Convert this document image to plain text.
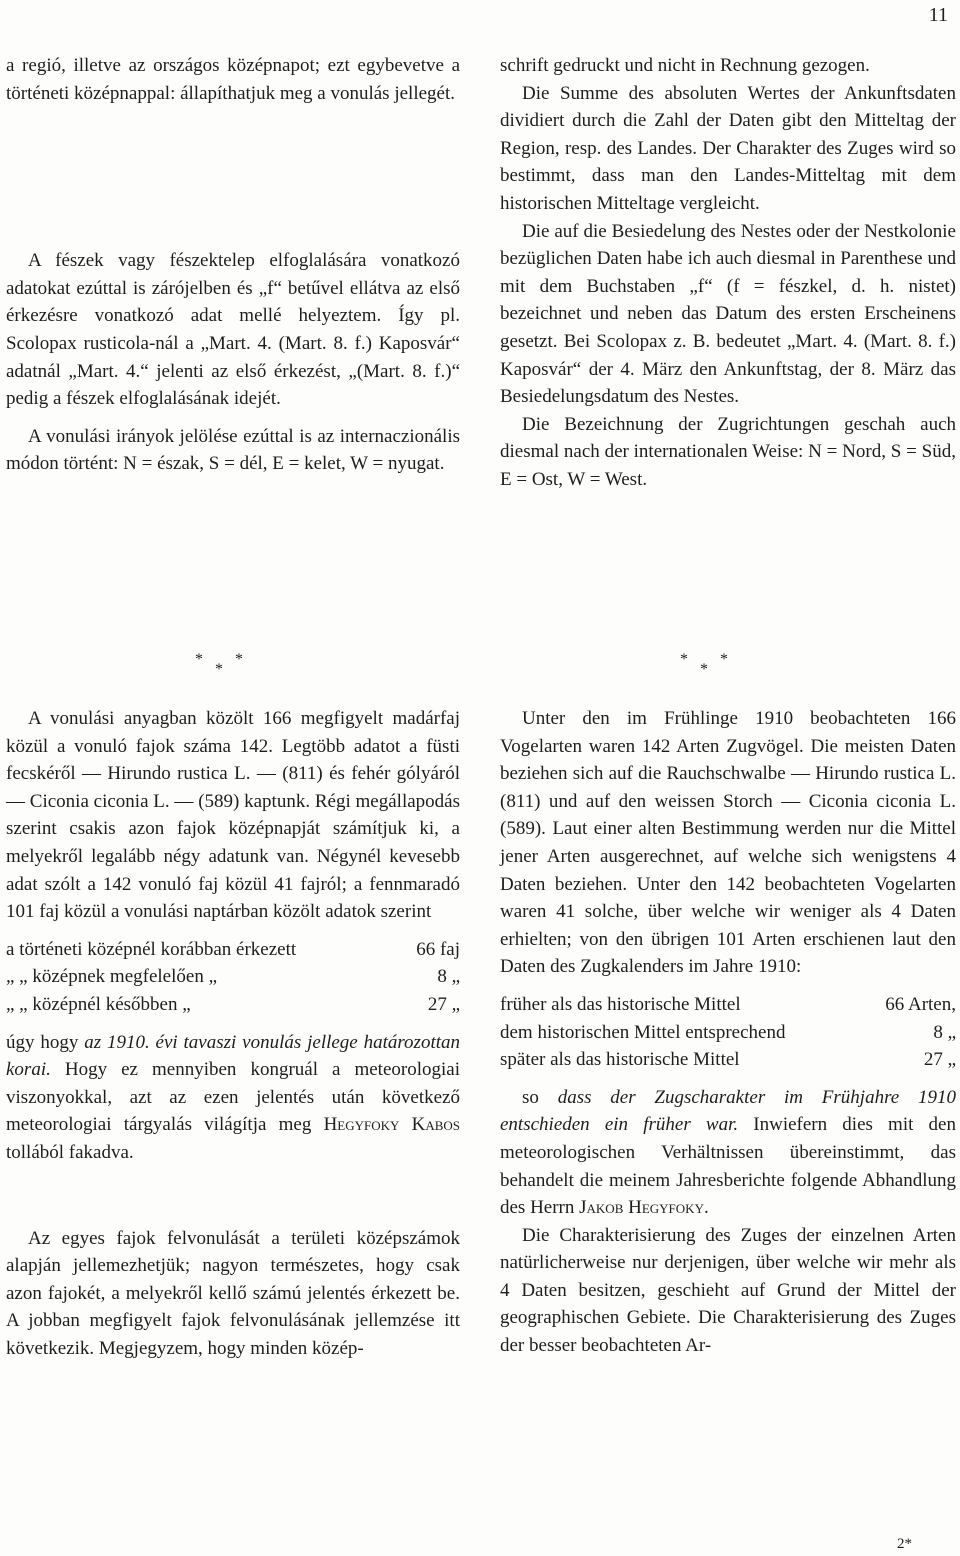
11

a regió, illetve az országos középnapot; ezt egybevetve a történeti középnappal: állapíthatjuk meg a vonulás jellegét.

A fészek vagy fészektelep elfoglalására vonatkozó adatokat ezúttal is zárójelben és „f“ betűvel ellátva az első érkezésre vonatkozó adat mellé helyeztem. Így pl. Scolopax rusticola-nál a „Mart. 4. (Mart. 8. f.) Kaposvár“ adatnál „Mart. 4.“ jelenti az első érkezést, „(Mart. 8. f.)“ pedig a fészek elfoglalásának idejét.

A vonulási irányok jelölése ezúttal is az internaczionális módon történt: N = észak, S = dél, E = kelet, W = nyugat.

schrift gedruckt und nicht in Rechnung gezogen.

Die Summe des absoluten Wertes der Ankunftsdaten dividiert durch die Zahl der Daten gibt den Mitteltag der Region, resp. des Landes. Der Charakter des Zuges wird so bestimmt, dass man den Landes-Mitteltag mit dem historischen Mitteltage vergleicht.

Die auf die Besiedelung des Nestes oder der Nestkolonie bezüglichen Daten habe ich auch diesmal in Parenthese und mit dem Buchstaben „f“ (f = fészkel, d. h. nistet) bezeichnet und neben das Datum des ersten Erscheinens gesetzt. Bei Scolopax z. B. bedeutet „Mart. 4. (Mart. 8. f.) Kaposvár“ der 4. März den Ankunftstag, der 8. März das Besiedelungsdatum des Nestes.

Die Bezeichnung der Zugrichtungen geschah auch diesmal nach der internationalen Weise: N = Nord, S = Süd, E = Ost, W = West.

*   *   *	*   *   *

A vonulási anyagban közölt 166 megfigyelt madárfaj közül a vonuló fajok száma 142. Legtöbb adatot a füsti fecskéről — Hirundo rustica L. — (811) és fehér gólyáról — Ciconia ciconia L. — (589) kaptunk. Régi megállapodás szerint csakis azon fajok középnapját számítjuk ki, a melyekről legalább négy adatunk van. Négynél kevesebb adat szólt a 142 vonuló faj közül 41 fajról; a fennmaradó 101 faj közül a vonulási naptárban közölt adatok szerint

a történeti középnél korábban érkezett	66 faj
„ „ középnek megfelelően „	8 „
„ „ középnél későbben „	27 „

úgy hogy az 1910. évi tavaszi vonulás jellege határozottan korai. Hogy ez mennyiben kongruál a meteorologiai viszonyokkal, azt az ezen jelentés után következő meteorologiai tárgyalás világítja meg Hegyfoky Kabos tollából fakadva.

Az egyes fajok felvonulását a területi középszámok alapján jellemezhetjük; nagyon természetes, hogy csak azon fajokét, a melyekről kellő számú jelentés érkezett be. A jobban megfigyelt fajok felvonulásának jellemzése itt következik. Megjegyzem, hogy minden közép-

Unter den im Frühlinge 1910 beobachteten 166 Vogelarten waren 142 Arten Zugvögel. Die meisten Daten beziehen sich auf die Rauchschwalbe — Hirundo rustica L. (811) und auf den weissen Storch — Ciconia ciconia L. (589). Laut einer alten Bestimmung werden nur die Mittel jener Arten ausgerechnet, auf welche sich wenigstens 4 Daten beziehen. Unter den 142 beobachteten Vogelarten waren 41 solche, über welche wir weniger als 4 Daten erhielten; von den übrigen 101 Arten erschienen laut den Daten des Zugkalenders im Jahre 1910:

früher als das historische Mittel	66 Arten,
dem historischen Mittel entsprechend	8 „
später als das historische Mittel	27 „

so dass der Zugscharakter im Frühjahre 1910 entschieden ein früher war. Inwiefern dies mit den meteorologischen Verhältnissen übereinstimmt, das behandelt die meinem Jahresberichte folgende Abhandlung des Herrn Jakob Hegyfoky.

Die Charakterisierung des Zuges der einzelnen Arten natürlicherweise nur derjenigen, über welche wir mehr als 4 Daten besitzen, geschieht auf Grund der Mittel der geographischen Gebiete. Die Charakterisierung des Zuges der besser beobachteten Ar-

2*
